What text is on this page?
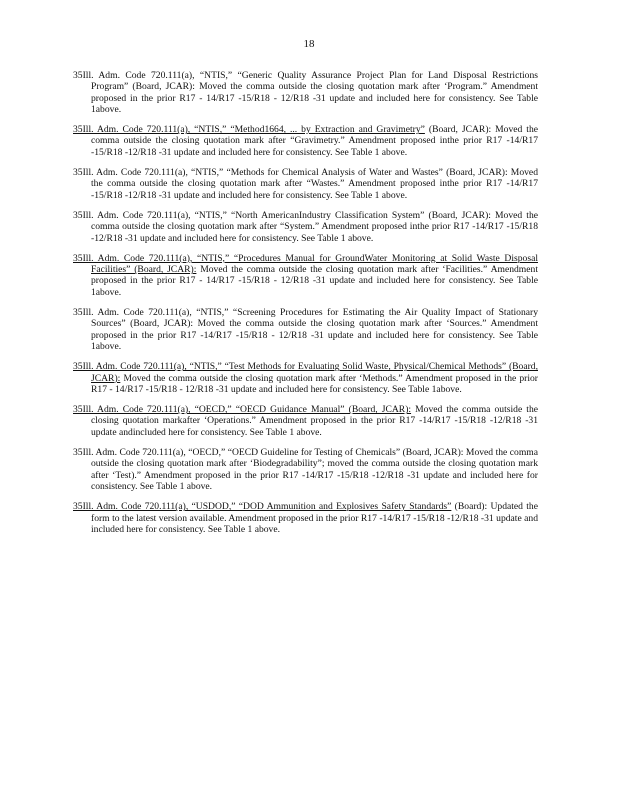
18

35Ill. Adm. Code 720.111(a), “NTIS,” “Generic Quality Assurance Project Plan for Land Disposal Restrictions Program” (Board, JCAR): Moved the comma outside the closing quotation mark after ‘Program.” Amendment proposed in the prior R17 - 14/R17 -15/R18 - 12/R18 -31 update and included here for consistency. See Table 1above.

35Ill. Adm. Code 720.111(a), “NTIS,” “Method1664, ... by Extraction and Gravimetry” (Board, JCAR): Moved the comma outside the closing quotation mark after “Gravimetry.” Amendment proposed inthe prior R17 -14/R17 -15/R18 -12/R18 -31 update and included here for consistency. See Table 1 above.

35Ill. Adm. Code 720.111(a), “NTIS,” “Methods for Chemical Analysis of Water and Wastes” (Board, JCAR): Moved the comma outside the closing quotation mark after “Wastes.” Amendment proposed inthe prior R17 -14/R17 -15/R18 -12/R18 -31 update and included here for consistency. See Table 1 above.

35Ill. Adm. Code 720.111(a), “NTIS,” “North AmericanIndustry Classification System” (Board, JCAR): Moved the comma outside the closing quotation mark after “System.” Amendment proposed inthe prior R17 -14/R17 -15/R18 -12/R18 -31 update and included here for consistency. See Table 1 above.

35Ill. Adm. Code 720.111(a), “NTIS,” “Procedures Manual for GroundWater Monitoring at Solid Waste Disposal Facilities” (Board, JCAR): Moved the comma outside the closing quotation mark after ‘Facilities.” Amendment proposed in the prior R17 - 14/R17 -15/R18 - 12/R18 -31 update and included here for consistency. See Table 1above.

35Ill. Adm. Code 720.111(a), “NTIS,” “Screening Procedures for Estimating the Air Quality Impact of Stationary Sources” (Board, JCAR): Moved the comma outside the closing quotation mark after ‘Sources.” Amendment proposed in the prior R17 -14/R17 -15/R18 - 12/R18 -31 update and included here for consistency. See Table 1above.

35Ill. Adm. Code 720.111(a), “NTIS,” “Test Methods for Evaluating Solid Waste, Physical/Chemical Methods” (Board, JCAR): Moved the comma outside the closing quotation mark after ‘Methods.” Amendment proposed in the prior R17 - 14/R17 -15/R18 - 12/R18 -31 update and included here for consistency. See Table 1above.

35Ill. Adm. Code 720.111(a), “OECD,” “OECD Guidance Manual” (Board, JCAR): Moved the comma outside the closing quotation markafter ‘Operations.” Amendment proposed in the prior R17 -14/R17 -15/R18 -12/R18 -31 update andincluded here for consistency. See Table 1 above.

35Ill. Adm. Code 720.111(a), “OECD,” “OECD Guideline for Testing of Chemicals” (Board, JCAR): Moved the comma outside the closing quotation mark after ‘Biodegradability”; moved the comma outside the closing quotation mark after ‘Test).” Amendment proposed in the prior R17 -14/R17 -15/R18 -12/R18 -31 update and included here for consistency. See Table 1 above.

35Ill. Adm. Code 720.111(a), “USDOD,” “DOD Ammunition and Explosives Safety Standards” (Board): Updated the form to the latest version available. Amendment proposed in the prior R17 -14/R17 -15/R18 -12/R18 -31 update and included here for consistency. See Table 1 above.
